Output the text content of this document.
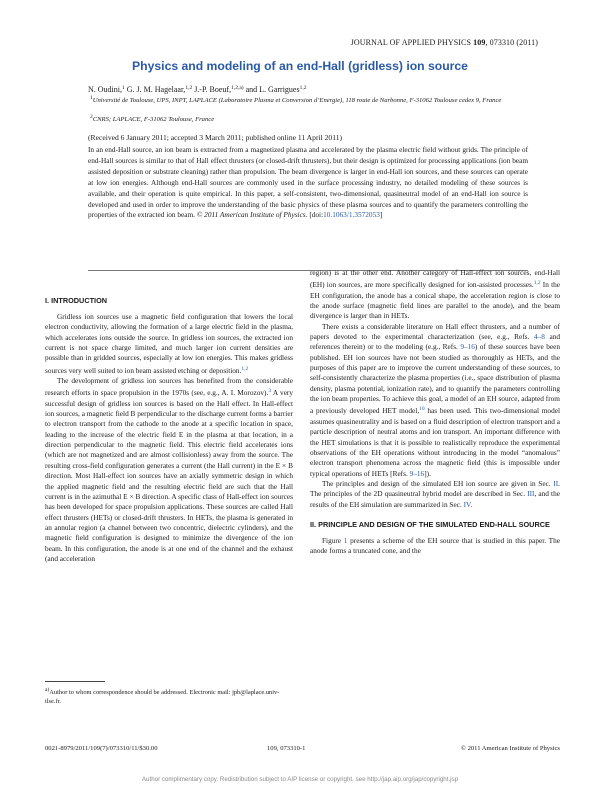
JOURNAL OF APPLIED PHYSICS 109, 073310 (2011)
Physics and modeling of an end-Hall (gridless) ion source
N. Oudini,$^1$ G. J. M. Hagelaar,$^{1,2}$ J.-P. Boeuf,$^{1,2,a)}$ and L. Garrigues$^{1,2}$
$^1$Université de Toulouse, UPS, INPT, LAPLACE (Laboratoire Plasma et Conversion d’Energie), 118 route de Narbonne, F-31062 Toulouse cedex 9, France
$^2$CNRS; LAPLACE, F-31062 Toulouse, France
(Received 6 January 2011; accepted 3 March 2011; published online 11 April 2011)
In an end-Hall source, an ion beam is extracted from a magnetized plasma and accelerated by the plasma electric field without grids. The principle of end-Hall sources is similar to that of Hall effect thrusters (or closed-drift thrusters), but their design is optimized for processing applications (ion beam assisted deposition or substrate cleaning) rather than propulsion. The beam divergence is larger in end-Hall ion sources, and these sources can operate at low ion energies. Although end-Hall sources are commonly used in the surface processing industry, no detailed modeling of these sources is available, and their operation is quite empirical. In this paper, a self-consistent, two-dimensional, quasineutral model of an end-Hall ion source is developed and used in order to improve the understanding of the basic physics of these plasma sources and to quantify the parameters controlling the properties of the extracted ion beam. © 2011 American Institute of Physics. [doi:10.1063/1.3572053]
I. INTRODUCTION

Gridless ion sources use a magnetic field configuration that lowers the local electron conductivity, allowing the formation of a large electric field in the plasma, which accelerates ions outside the source. In gridless ion sources, the extracted ion current is not space charge limited, and much larger ion current densities are possible than in gridded sources, especially at low ion energies. This makes gridless sources very well suited to ion beam assisted etching or deposition.$^{1,2}$

The development of gridless ion sources has benefited from the considerable research efforts in space propulsion in the 1970s (see, e.g., A. I. Morozov).$^3$ A very successful design of gridless ion sources is based on the Hall effect. In Hall-effect ion sources, a magnetic field B perpendicular to the discharge current forms a barrier to electron transport from the cathode to the anode at a specific location in space, leading to the increase of the electric field E in the plasma at that location, in a direction perpendicular to the magnetic field. This electric field accelerates ions (which are not magnetized and are almost collisionless) away from the source. The resulting cross-field configuration generates a current (the Hall current) in the E × B direction. Most Hall-effect ion sources have an axially symmetric design in which the applied magnetic field and the resulting electric field are such that the Hall current is in the azimuthal E × B direction. A specific class of Hall-effect ion sources has been developed for space propulsion applications. These sources are called Hall effect thrusters (HETs) or closed-drift thrusters. In HETs, the plasma is generated in an annular region (a channel between two concentric, dielectric cylinders), and the magnetic field configuration is designed to minimize the divergence of the ion beam. In this configuration, the anode is at one end of the channel and the exhaust (and acceleration

region) is at the other end. Another category of Hall-effect ion sources, end-Hall (EH) ion sources, are more specifically designed for ion-assisted processes.$^{1,2}$ In the EH configuration, the anode has a conical shape, the acceleration region is close to the anode surface (magnetic field lines are parallel to the anode), and the beam divergence is larger than in HETs.

There exists a considerable literature on Hall effect thrusters, and a number of papers devoted to the experimental characterization (see, e.g., Refs. 4–8 and references therein) or to the modeling (e.g., Refs. 9–16) of these sources have been published. EH ion sources have not been studied as thoroughly as HETs, and the purposes of this paper are to improve the current understanding of these sources, to self-consistently characterize the plasma properties (i.e., space distribution of plasma density, plasma potential, ionization rate), and to quantify the parameters controlling the ion beam properties. To achieve this goal, a model of an EH source, adapted from a previously developed HET model,$^{10}$ has been used. This two-dimensional model assumes quasineutrality and is based on a fluid description of electron transport and a particle description of neutral atoms and ion transport. An important difference with the HET simulations is that it is possible to realistically reproduce the experimental observations of the EH operations without introducing in the model “anomalous” electron transport phenomena across the magnetic field (this is impossible under typical operations of HETs [Refs. 9–16]).

The principles and design of the simulated EH ion source are given in Sec. II. The principles of the 2D quasineutral hybrid model are described in Sec. III, and the results of the EH simulation are summarized in Sec. IV.

II. PRINCIPLE AND DESIGN OF THE SIMULATED END-HALL SOURCE

Figure 1 presents a scheme of the EH source that is studied in this paper. The anode forms a truncated cone, and the

$^{a)}$Author to whom correspondence should be addressed. Electronic mail: jpb@laplace.univ-tlse.fr.
0021-8979/2011/109(7)/073310/11/$30.00	109, 073310-1	© 2011 American Institute of Physics
Author complimentary copy. Redistribution subject to AIP license or copyright, see http://jap.aip.org/jap/copyright.jsp
